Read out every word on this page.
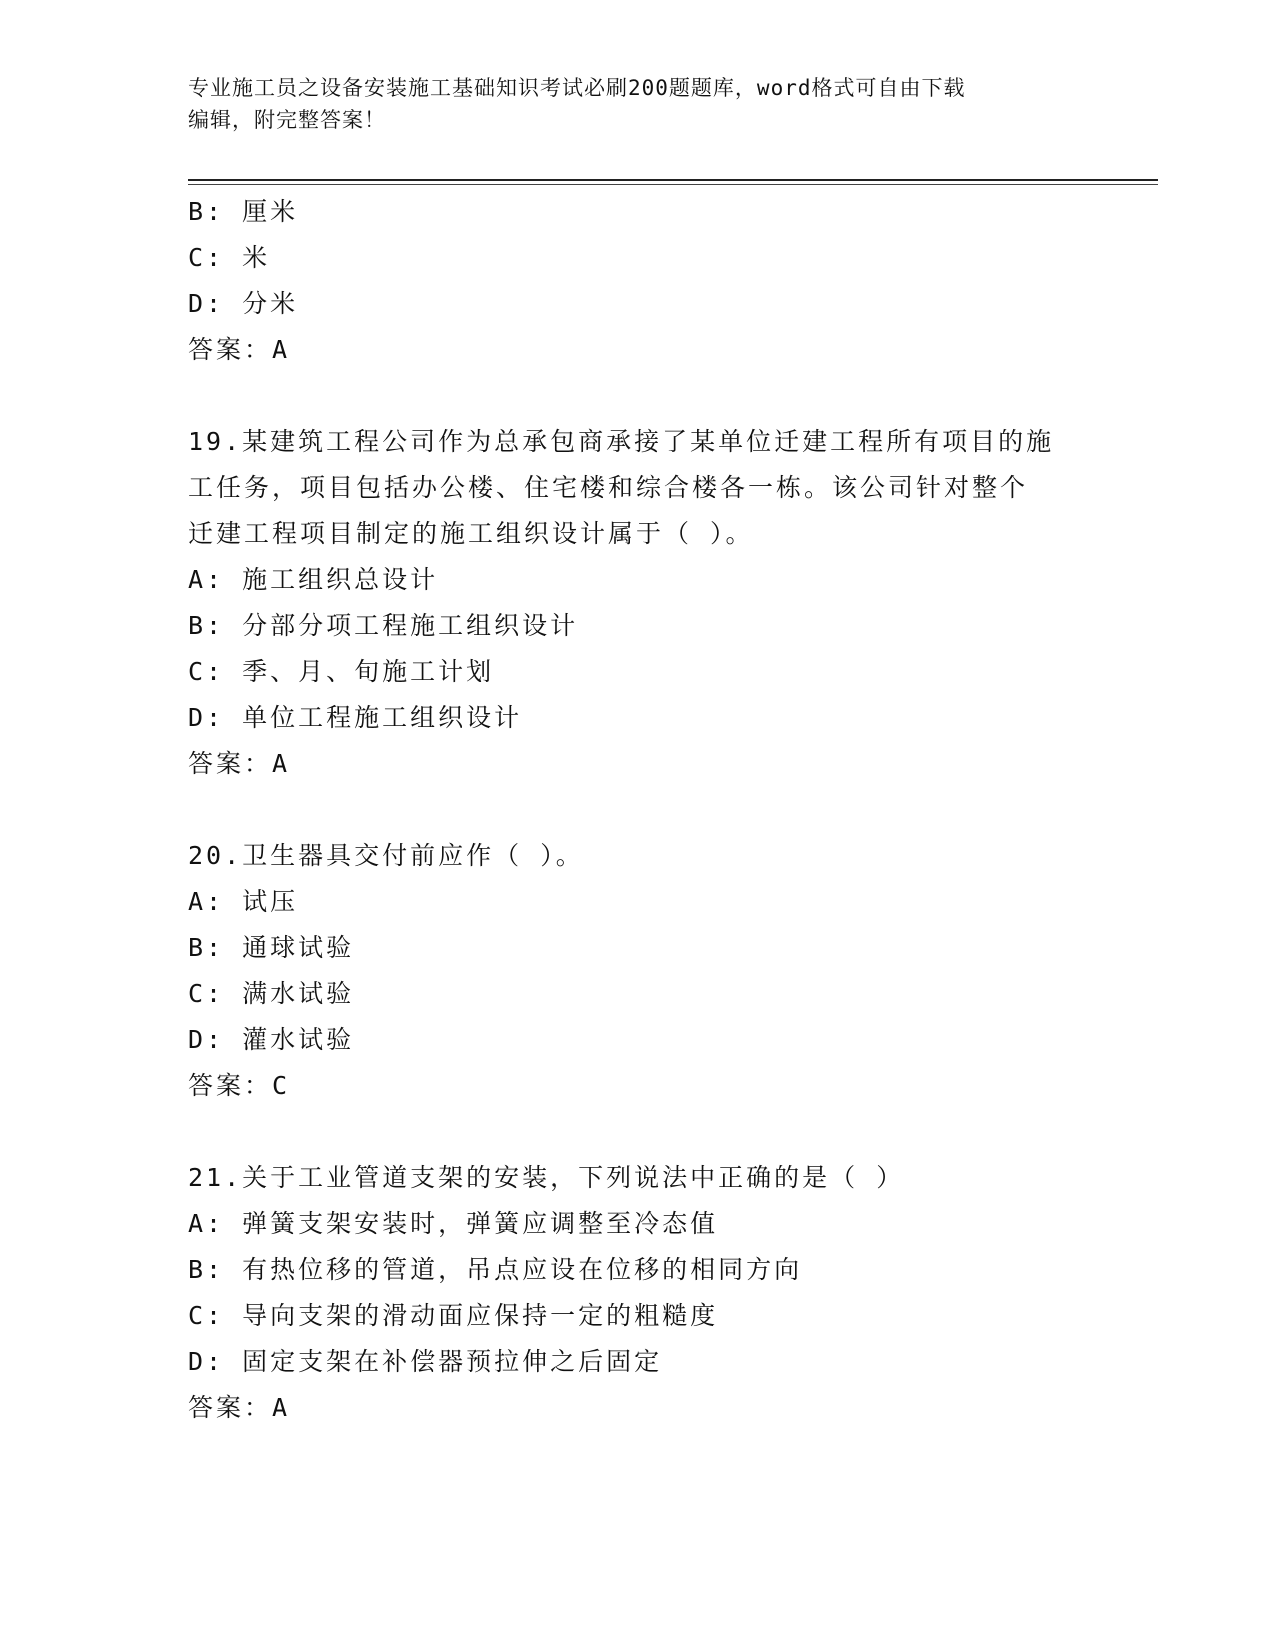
专业施工员之设备安装施工基础知识考试必刷200题题库，word格式可自由下载
编辑，附完整答案！
B: 厘米
C: 米
D: 分米
答案：A
19.某建筑工程公司作为总承包商承接了某单位迁建工程所有项目的施
工任务，项目包括办公楼、住宅楼和综合楼各一栋。该公司针对整个
迁建工程项目制定的施工组织设计属于（ ）。
A: 施工组织总设计
B: 分部分项工程施工组织设计
C: 季、月、旬施工计划
D: 单位工程施工组织设计
答案：A
20.卫生器具交付前应作（ ）。
A: 试压
B: 通球试验
C: 满水试验
D: 灌水试验
答案：C
21.关于工业管道支架的安装，下列说法中正确的是（ ）
A: 弹簧支架安装时，弹簧应调整至冷态值
B: 有热位移的管道，吊点应设在位移的相同方向
C: 导向支架的滑动面应保持一定的粗糙度
D: 固定支架在补偿器预拉伸之后固定
答案：A
